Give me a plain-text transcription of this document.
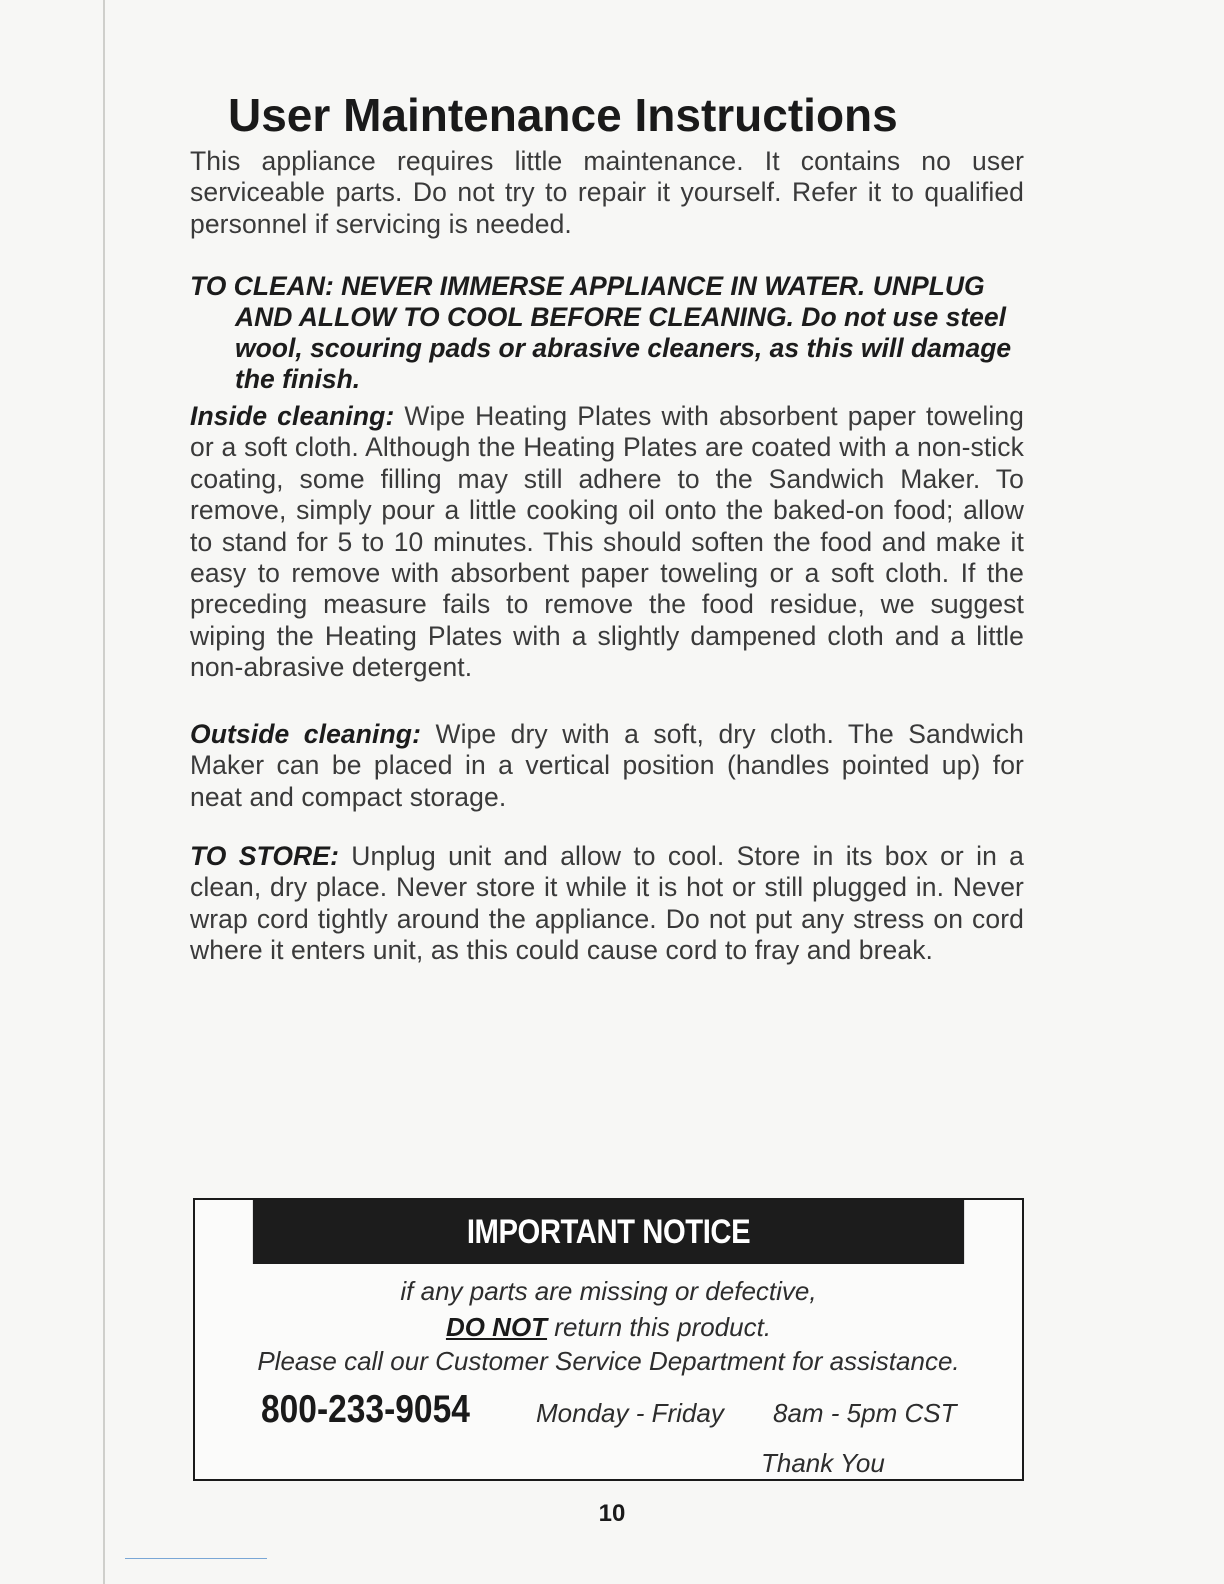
User Maintenance Instructions

This appliance requires little maintenance. It contains no user serviceable parts. Do not try to repair it yourself. Refer it to qualified personnel if servicing is needed.

TO CLEAN: NEVER IMMERSE APPLIANCE IN WATER. UNPLUG AND ALLOW TO COOL BEFORE CLEANING. Do not use steel wool, scouring pads or abrasive cleaners, as this will damage the finish.

Inside cleaning: Wipe Heating Plates with absorbent paper toweling or a soft cloth. Although the Heating Plates are coated with a non-stick coating, some filling may still adhere to the Sandwich Maker. To remove, simply pour a little cooking oil onto the baked-on food; allow to stand for 5 to 10 minutes. This should soften the food and make it easy to remove with absorbent paper toweling or a soft cloth. If the preceding measure fails to remove the food residue, we suggest wiping the Heating Plates with a slightly dampened cloth and a little non-abrasive detergent.

Outside cleaning: Wipe dry with a soft, dry cloth. The Sandwich Maker can be placed in a vertical position (handles pointed up) for neat and compact storage.

TO STORE: Unplug unit and allow to cool. Store in its box or in a clean, dry place. Never store it while it is hot or still plugged in. Never wrap cord tightly around the appliance. Do not put any stress on cord where it enters unit, as this could cause cord to fray and break.

IMPORTANT NOTICE
if any parts are missing or defective,
DO NOT return this product.
Please call our Customer Service Department for assistance.
800-233-9054	Monday - Friday 8am - 5pm CST
Thank You
10
